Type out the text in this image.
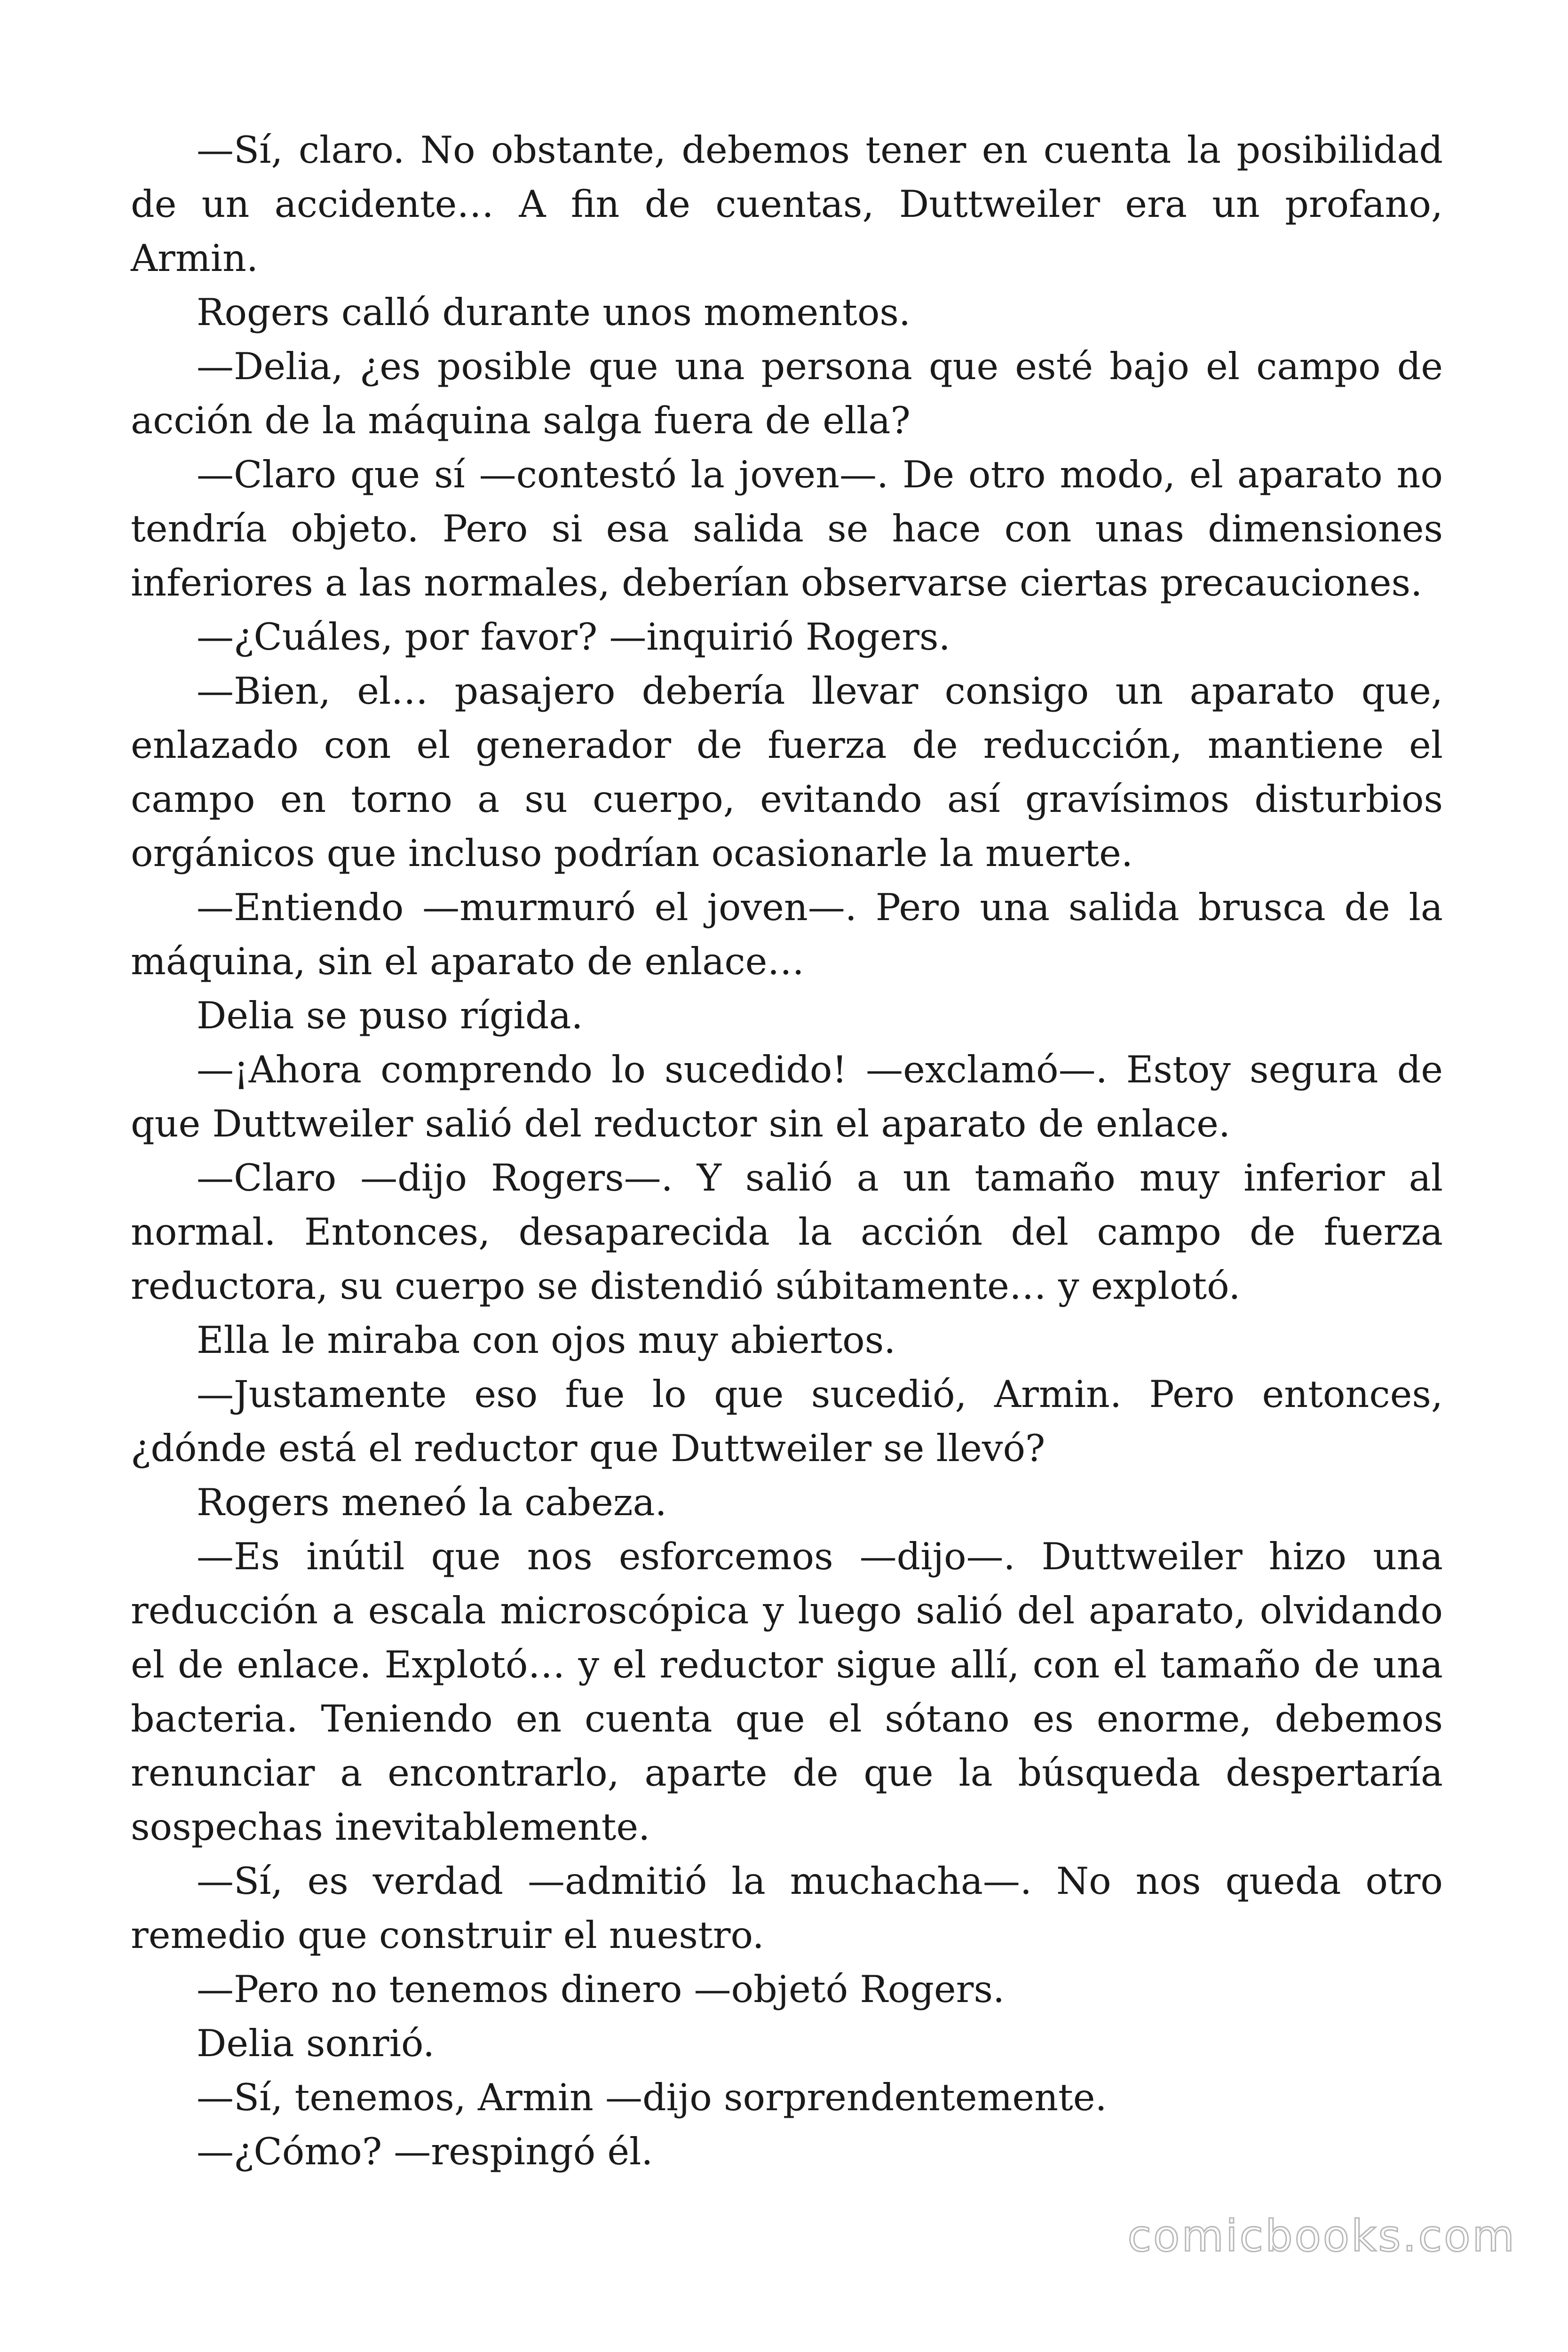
—Sí, claro. No obstante, debemos tener en cuenta la posibilidad de un accidente… A fin de cuentas, Duttweiler era un profano, Armin.

Rogers calló durante unos momentos.

—Delia, ¿es posible que una persona que esté bajo el campo de acción de la máquina salga fuera de ella?

—Claro que sí —contestó la joven—. De otro modo, el aparato no tendría objeto. Pero si esa salida se hace con unas dimensiones inferiores a las normales, deberían observarse ciertas precauciones.

—¿Cuáles, por favor? —inquirió Rogers.

—Bien, el… pasajero debería llevar consigo un aparato que, enlazado con el generador de fuerza de reducción, mantiene el campo en torno a su cuerpo, evitando así gravísimos disturbios orgánicos que incluso podrían ocasionarle la muerte.

—Entiendo —murmuró el joven—. Pero una salida brusca de la máquina, sin el aparato de enlace…

Delia se puso rígida.

—¡Ahora comprendo lo sucedido! —exclamó—. Estoy segura de que Duttweiler salió del reductor sin el aparato de enlace.

—Claro —dijo Rogers—. Y salió a un tamaño muy inferior al normal. Entonces, desaparecida la acción del campo de fuerza reductora, su cuerpo se distendió súbitamente… y explotó.

Ella le miraba con ojos muy abiertos.

—Justamente eso fue lo que sucedió, Armin. Pero entonces, ¿dónde está el reductor que Duttweiler se llevó?

Rogers meneó la cabeza.

—Es inútil que nos esforcemos —dijo—. Duttweiler hizo una reducción a escala microscópica y luego salió del aparato, olvidando el de enlace. Explotó… y el reductor sigue allí, con el tamaño de una bacteria. Teniendo en cuenta que el sótano es enorme, debemos renunciar a encontrarlo, aparte de que la búsqueda despertaría sospechas inevitablemente.

—Sí, es verdad —admitió la muchacha—. No nos queda otro remedio que construir el nuestro.

—Pero no tenemos dinero —objetó Rogers.

Delia sonrió.

—Sí, tenemos, Armin —dijo sorprendentemente.

—¿Cómo? —respingó él.

comicbooks.com
